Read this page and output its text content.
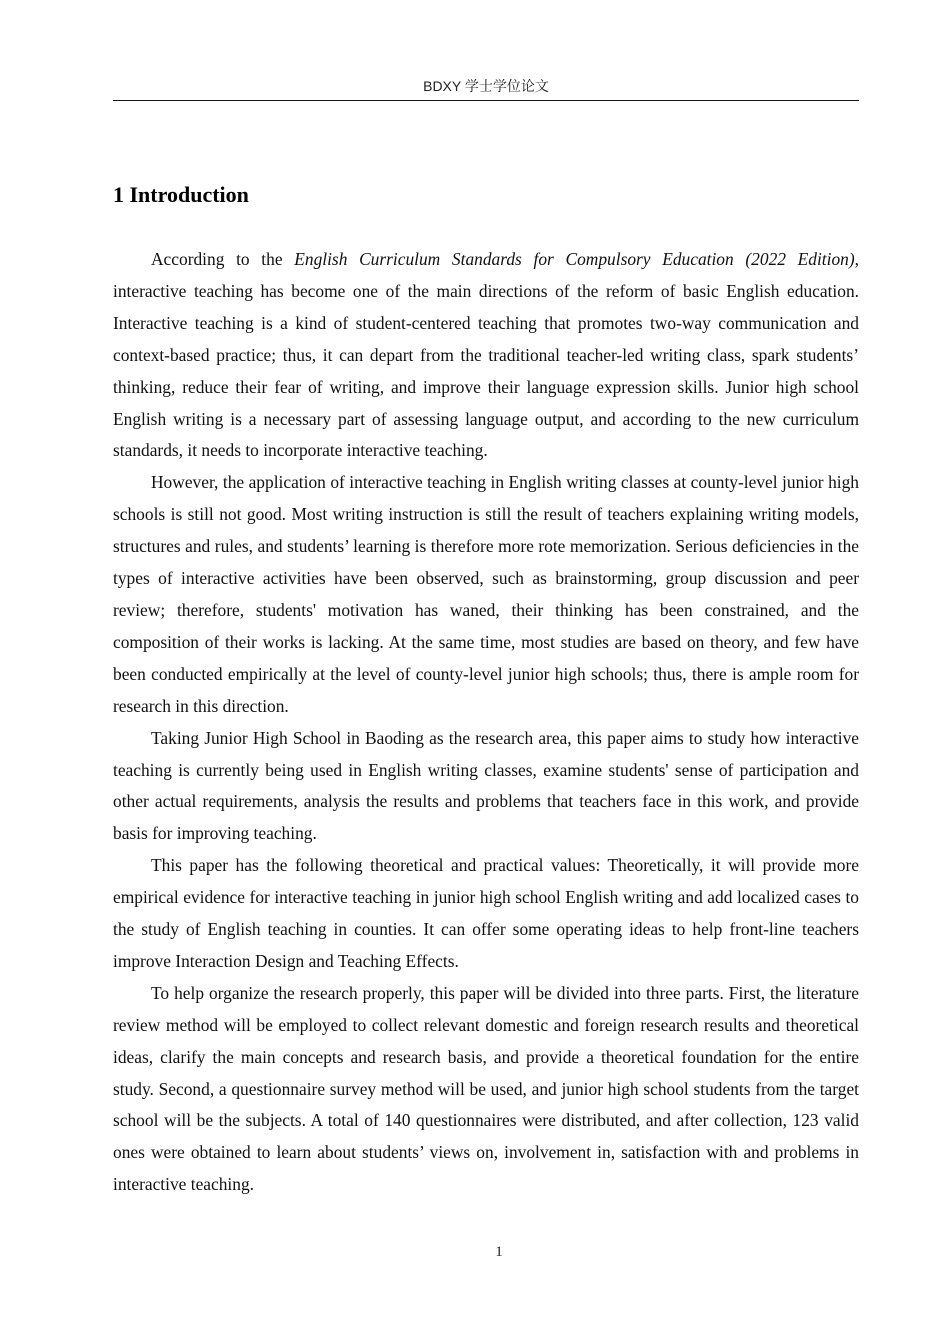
BDXY 学士学位论文
1 Introduction

According to the English Curriculum Standards for Compulsory Education (2022 Edition), interactive teaching has become one of the main directions of the reform of basic English education. Interactive teaching is a kind of student-centered teaching that promotes two-way communication and context-based practice; thus, it can depart from the traditional teacher-led writing class, spark students’ thinking, reduce their fear of writing, and improve their language expression skills. Junior high school English writing is a necessary part of assessing language output, and according to the new curriculum standards, it needs to incorporate interactive teaching.

However, the application of interactive teaching in English writing classes at county-level junior high schools is still not good. Most writing instruction is still the result of teachers explaining writing models, structures and rules, and students’ learning is therefore more rote memorization. Serious deficiencies in the types of interactive activities have been observed, such as brainstorming, group discussion and peer review; therefore, students' motivation has waned, their thinking has been constrained, and the composition of their works is lacking. At the same time, most studies are based on theory, and few have been conducted empirically at the level of county-level junior high schools; thus, there is ample room for research in this direction.

Taking Junior High School in Baoding as the research area, this paper aims to study how interactive teaching is currently being used in English writing classes, examine students' sense of participation and other actual requirements, analysis the results and problems that teachers face in this work, and provide basis for improving teaching.

This paper has the following theoretical and practical values: Theoretically, it will provide more empirical evidence for interactive teaching in junior high school English writing and add localized cases to the study of English teaching in counties. It can offer some operating ideas to help front-line teachers improve Interaction Design and Teaching Effects.

To help organize the research properly, this paper will be divided into three parts. First, the literature review method will be employed to collect relevant domestic and foreign research results and theoretical ideas, clarify the main concepts and research basis, and provide a theoretical foundation for the entire study. Second, a questionnaire survey method will be used, and junior high school students from the target school will be the subjects. A total of 140 questionnaires were distributed, and after collection, 123 valid ones were obtained to learn about students’ views on, involvement in, satisfaction with and problems in interactive teaching.

1
